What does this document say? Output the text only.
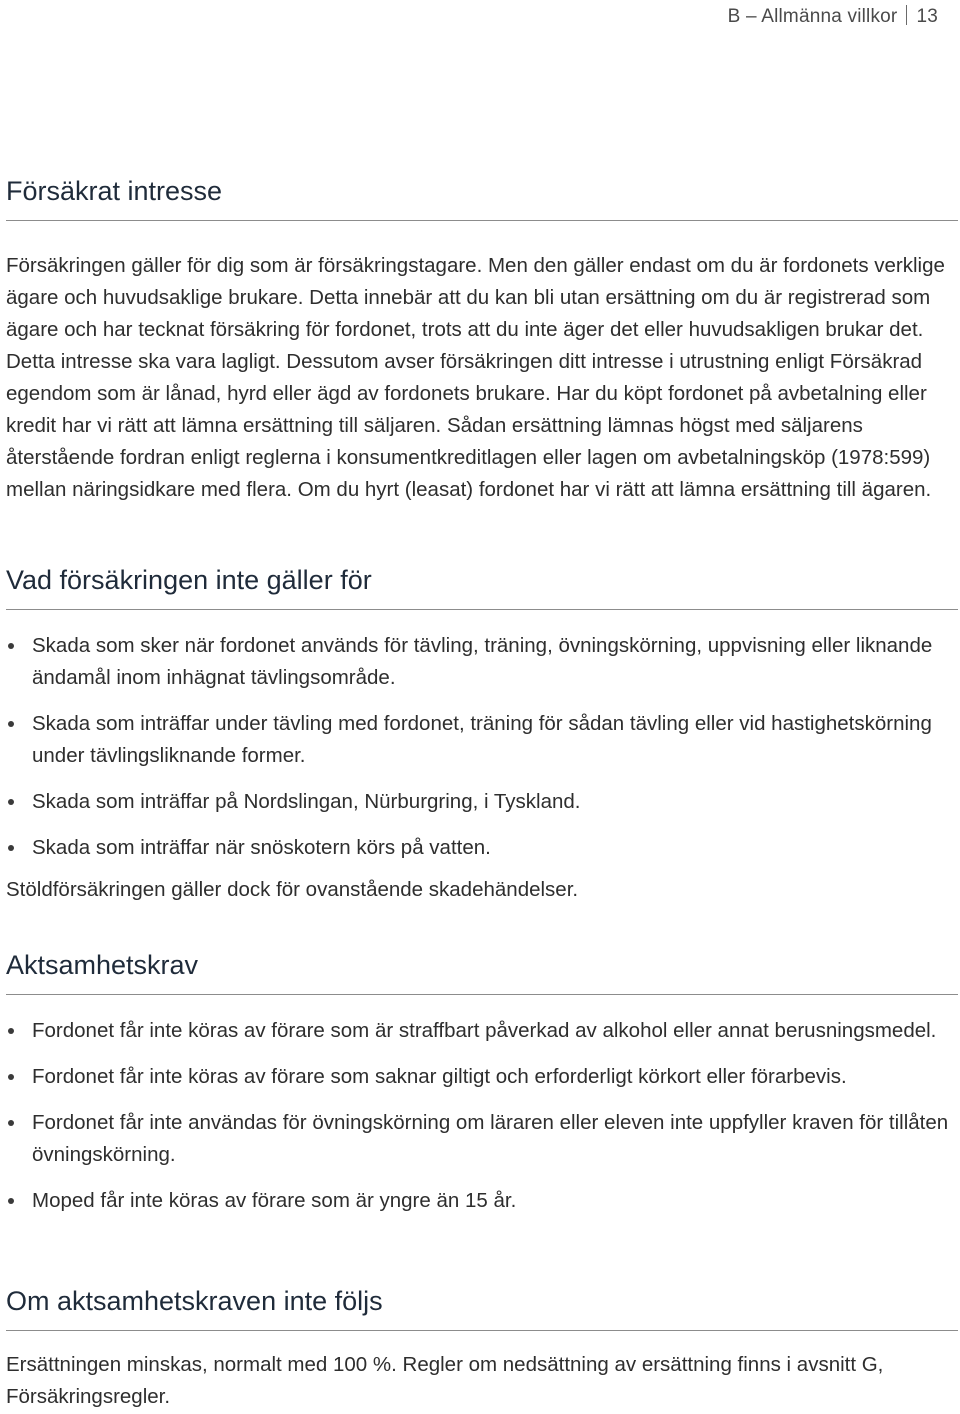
B – Allmänna villkor 13
Försäkrat intresse

Försäkringen gäller för dig som är försäkringstagare. Men den gäller endast om du är fordonets verklige ägare och huvudsaklige brukare. Detta innebär att du kan bli utan ersättning om du är registrerad som ägare och har tecknat försäkring för fordonet, trots att du inte äger det eller huvudsakligen brukar det. Detta intresse ska vara lagligt. Dessutom avser försäkringen ditt intresse i utrustning enligt Försäkrad egendom som är lånad, hyrd eller ägd av fordonets brukare. Har du köpt fordonet på avbetalning eller kredit har vi rätt att lämna ersättning till säljaren. Sådan ersättning lämnas högst med säljarens återstående fordran enligt reglerna i konsumentkreditlagen eller lagen om avbetalningsköp (1978:599) mellan näringsidkare med flera. Om du hyrt (leasat) fordonet har vi rätt att lämna ersättning till ägaren.

Vad försäkringen inte gäller för
Skada som sker när fordonet används för tävling, träning, övningskörning, uppvisning eller liknande ändamål inom inhägnat tävlingsområde.
Skada som inträffar under tävling med fordonet, träning för sådan tävling eller vid hastighetskörning under tävlingsliknande former.
Skada som inträffar på Nordslingan, Nürburgring, i Tyskland.
Skada som inträffar när snöskotern körs på vatten.

Stöldförsäkringen gäller dock för ovanstående skadehändelser.

Aktsamhetskrav
Fordonet får inte köras av förare som är straffbart påverkad av alkohol eller annat berusningsmedel.
Fordonet får inte köras av förare som saknar giltigt och erforderligt körkort eller förarbevis.
Fordonet får inte användas för övningskörning om läraren eller eleven inte uppfyller kraven för tillåten övningskörning.
Moped får inte köras av förare som är yngre än 15 år.
Om aktsamhetskraven inte följs

Ersättningen minskas, normalt med 100 %. Regler om nedsättning av ersättning finns i avsnitt G, Försäkringsregler.
